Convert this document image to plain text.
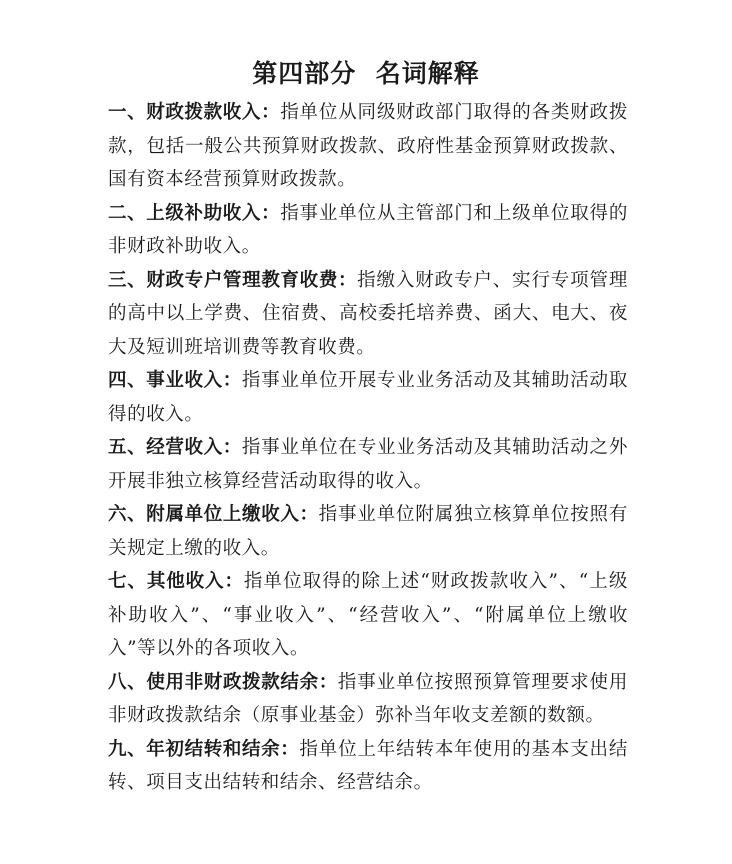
第四部分  名词解释

一、财政拨款收入：指单位从同级财政部门取得的各类财政拨款，包括一般公共预算财政拨款、政府性基金预算财政拨款、国有资本经营预算财政拨款。

二、上级补助收入：指事业单位从主管部门和上级单位取得的非财政补助收入。

三、财政专户管理教育收费：指缴入财政专户、实行专项管理的高中以上学费、住宿费、高校委托培养费、函大、电大、夜大及短训班培训费等教育收费。

四、事业收入：指事业单位开展专业业务活动及其辅助活动取得的收入。

五、经营收入：指事业单位在专业业务活动及其辅助活动之外开展非独立核算经营活动取得的收入。

六、附属单位上缴收入：指事业单位附属独立核算单位按照有关规定上缴的收入。

七、其他收入：指单位取得的除上述“财政拨款收入”、“上级补助收入”、“事业收入”、“经营收入”、“附属单位上缴收入”等以外的各项收入。

八、使用非财政拨款结余：指事业单位按照预算管理要求使用非财政拨款结余（原事业基金）弥补当年收支差额的数额。

九、年初结转和结余：指单位上年结转本年使用的基本支出结转、项目支出结转和结余、经营结余。
